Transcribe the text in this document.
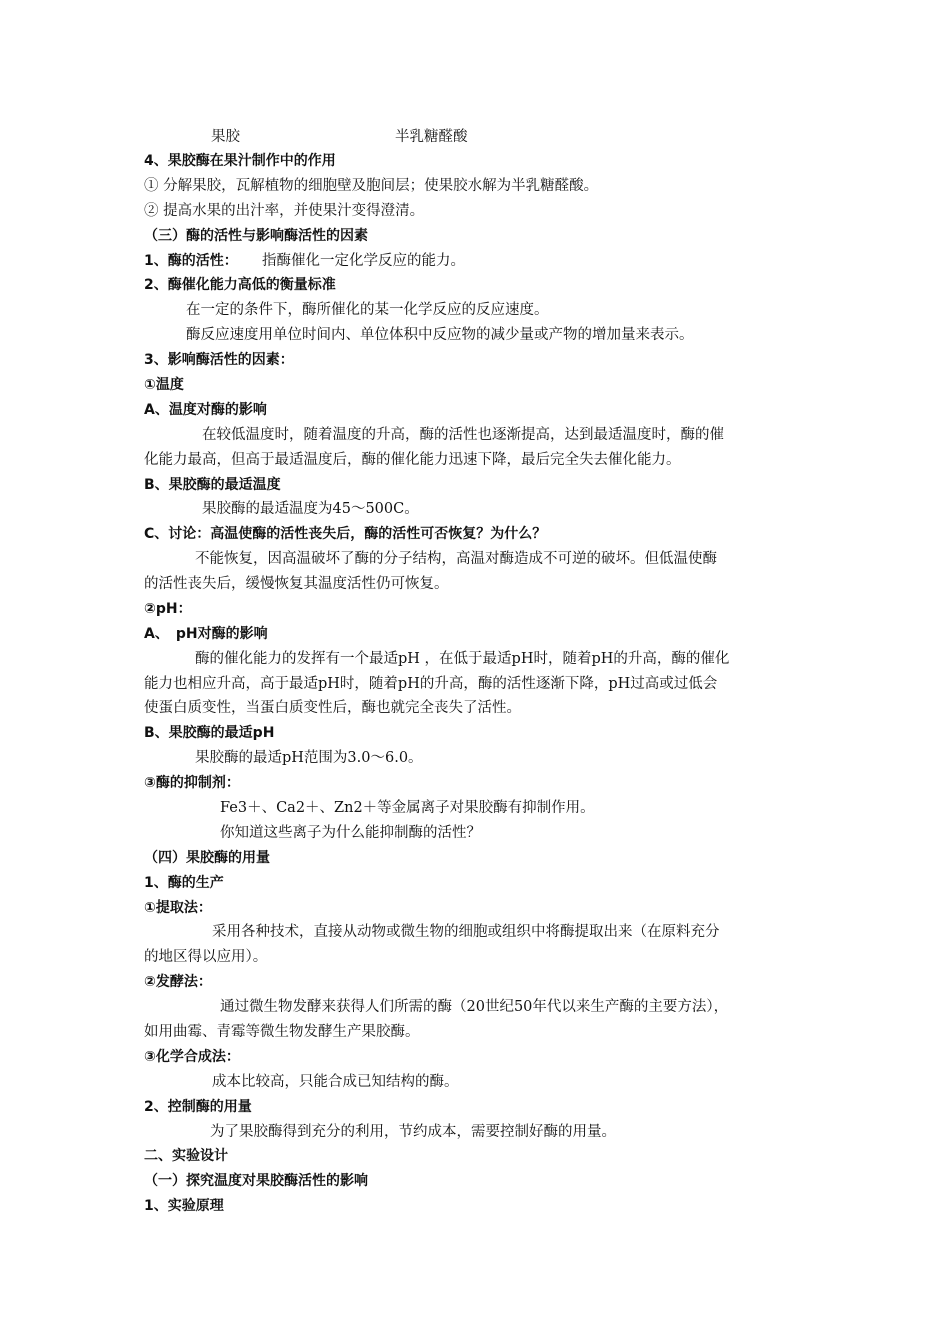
果胶	半乳糖醛酸
4、果胶酶在果汁制作中的作用
① 分解果胶，瓦解植物的细胞壁及胞间层；使果胶水解为半乳糖醛酸。
② 提高水果的出汁率，并使果汁变得澄清。
（三）酶的活性与影响酶活性的因素
1、酶的活性： 指酶催化一定化学反应的能力。
2、酶催化能力高低的衡量标准
在一定的条件下，酶所催化的某一化学反应的反应速度。
酶反应速度用单位时间内、单位体积中反应物的减少量或产物的增加量来表示。
3、影响酶活性的因素：
①温度
A、温度对酶的影响
在较低温度时，随着温度的升高，酶的活性也逐渐提高，达到最适温度时，酶的催
化能力最高，但高于最适温度后，酶的催化能力迅速下降，最后完全失去催化能力。
B、果胶酶的最适温度
果胶酶的最适温度为45～500C。
C、讨论：高温使酶的活性丧失后，酶的活性可否恢复？为什么？
不能恢复，因高温破坏了酶的分子结构，高温对酶造成不可逆的破坏。但低温使酶
的活性丧失后，缓慢恢复其温度活性仍可恢复。
②pH：
A、　pH对酶的影响
酶的催化能力的发挥有一个最适pH ，在低于最适pH时，随着pH的升高，酶的催化
能力也相应升高，高于最适pH时，随着pH的升高，酶的活性逐渐下降，pH过高或过低会
使蛋白质变性，当蛋白质变性后，酶也就完全丧失了活性。
B、果胶酶的最适pH
果胶酶的最适pH范围为3.0～6.0。
③酶的抑制剂：
Fe3＋、Ca2＋、Zn2＋等金属离子对果胶酶有抑制作用。
你知道这些离子为什么能抑制酶的活性？
（四）果胶酶的用量
1、酶的生产
①提取法：
采用各种技术，直接从动物或微生物的细胞或组织中将酶提取出来（在原料充分
的地区得以应用）。
②发酵法：
通过微生物发酵来获得人们所需的酶（20世纪50年代以来生产酶的主要方法），
如用曲霉、青霉等微生物发酵生产果胶酶。
③化学合成法：
成本比较高，只能合成已知结构的酶。
2、控制酶的用量
为了果胶酶得到充分的利用，节约成本，需要控制好酶的用量。
二、实验设计
（一）探究温度对果胶酶活性的影响
1、实验原理
